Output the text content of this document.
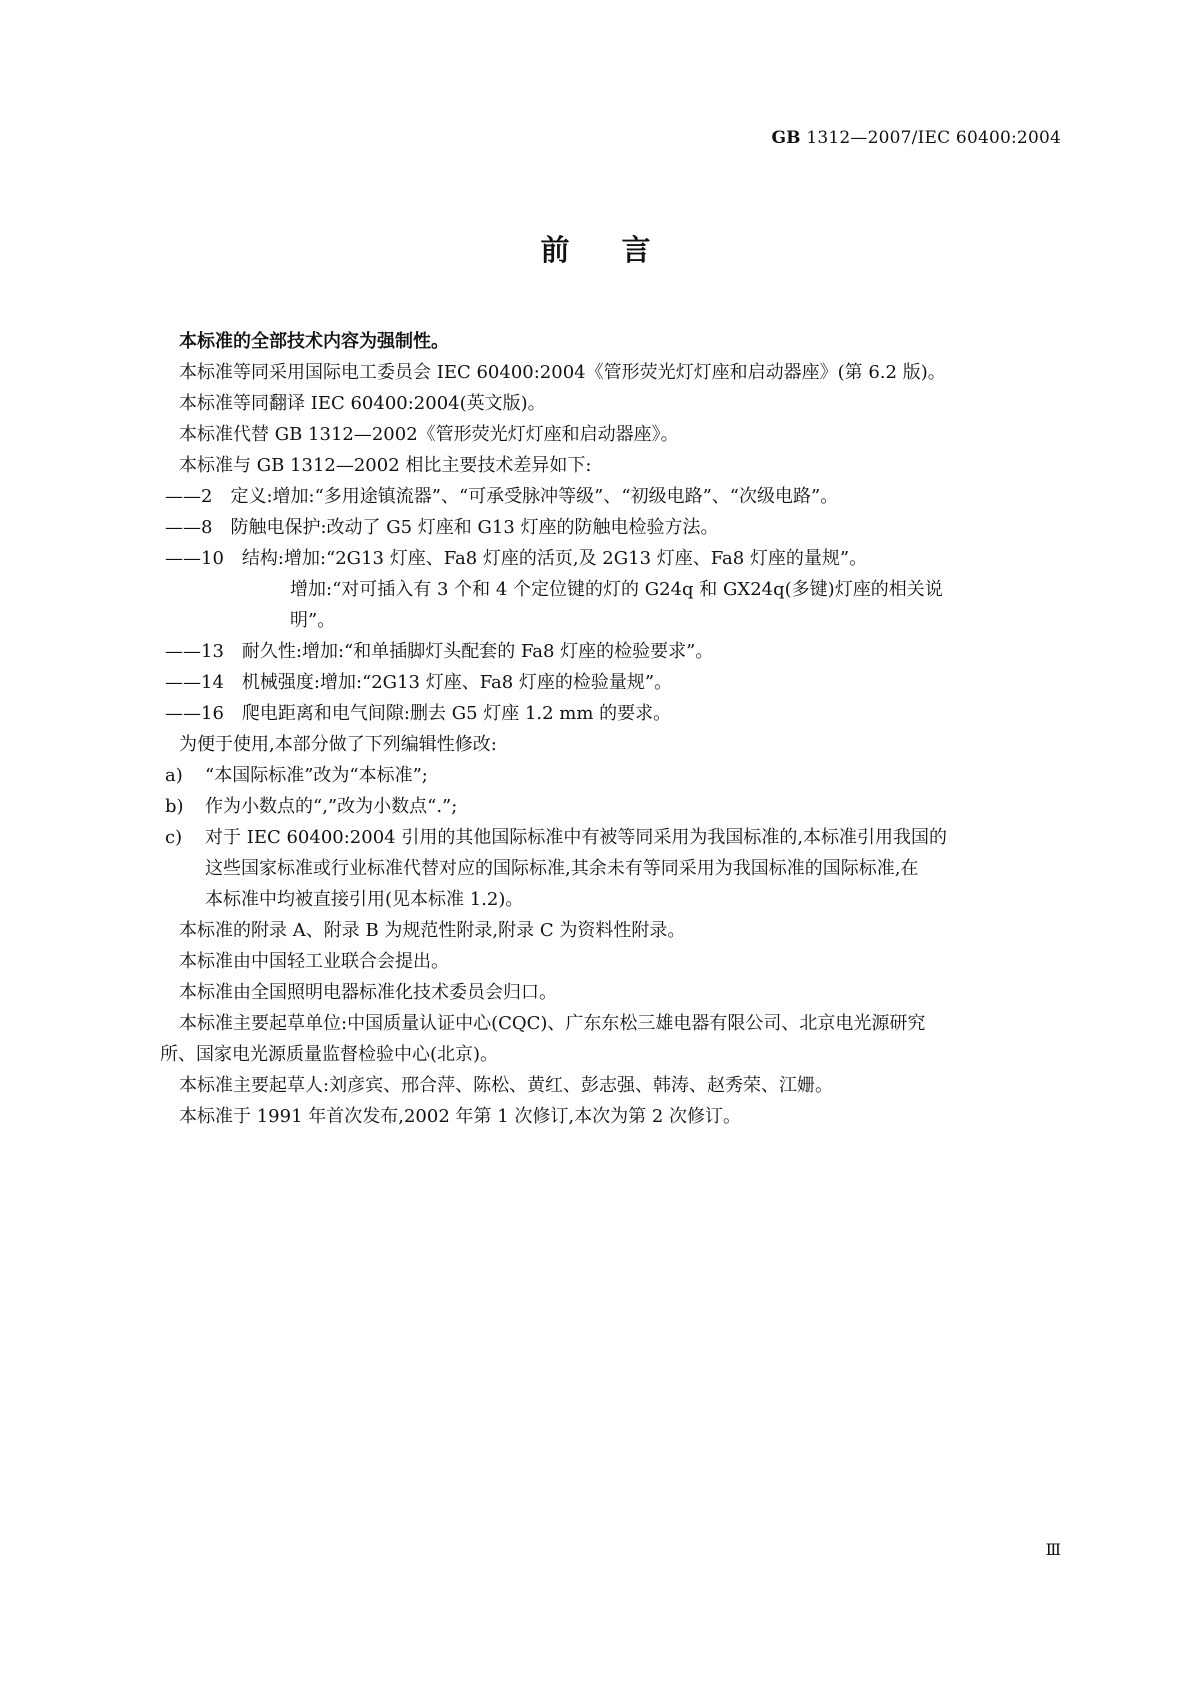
GB 1312—2007/IEC 60400:2004
前言
本标准的全部技术内容为强制性。
本标准等同采用国际电工委员会 IEC 60400:2004《管形荧光灯灯座和启动器座》(第 6.2 版)。
本标准等同翻译 IEC 60400:2004(英文版)。
本标准代替 GB 1312—2002《管形荧光灯灯座和启动器座》。
本标准与 GB 1312—2002 相比主要技术差异如下:
——2　定义:增加:“多用途镇流器”、“可承受脉冲等级”、“初级电路”、“次级电路”。
——8　防触电保护:改动了 G5 灯座和 G13 灯座的防触电检验方法。
——10　结构:增加:“2G13 灯座、Fa8 灯座的活页,及 2G13 灯座、Fa8 灯座的量规”。
增加:“对可插入有 3 个和 4 个定位键的灯的 G24q 和 GX24q(多键)灯座的相关说
明”。
——13　耐久性:增加:“和单插脚灯头配套的 Fa8 灯座的检验要求”。
——14　机械强度:增加:“2G13 灯座、Fa8 灯座的检验量规”。
——16　爬电距离和电气间隙:删去 G5 灯座 1.2 mm 的要求。
为便于使用,本部分做了下列编辑性修改:
a) “本国际标准”改为“本标准”;
b) 作为小数点的“,”改为小数点“.”;
c) 对于 IEC 60400:2004 引用的其他国际标准中有被等同采用为我国标准的,本标准引用我国的
这些国家标准或行业标准代替对应的国际标准,其余未有等同采用为我国标准的国际标准,在
本标准中均被直接引用(见本标准 1.2)。
本标准的附录 A、附录 B 为规范性附录,附录 C 为资料性附录。
本标准由中国轻工业联合会提出。
本标准由全国照明电器标准化技术委员会归口。
本标准主要起草单位:中国质量认证中心(CQC)、广东东松三雄电器有限公司、北京电光源研究
所、国家电光源质量监督检验中心(北京)。
本标准主要起草人:刘彦宾、邢合萍、陈松、黄红、彭志强、韩涛、赵秀荣、江姗。
本标准于 1991 年首次发布,2002 年第 1 次修订,本次为第 2 次修订。
Ⅲ
